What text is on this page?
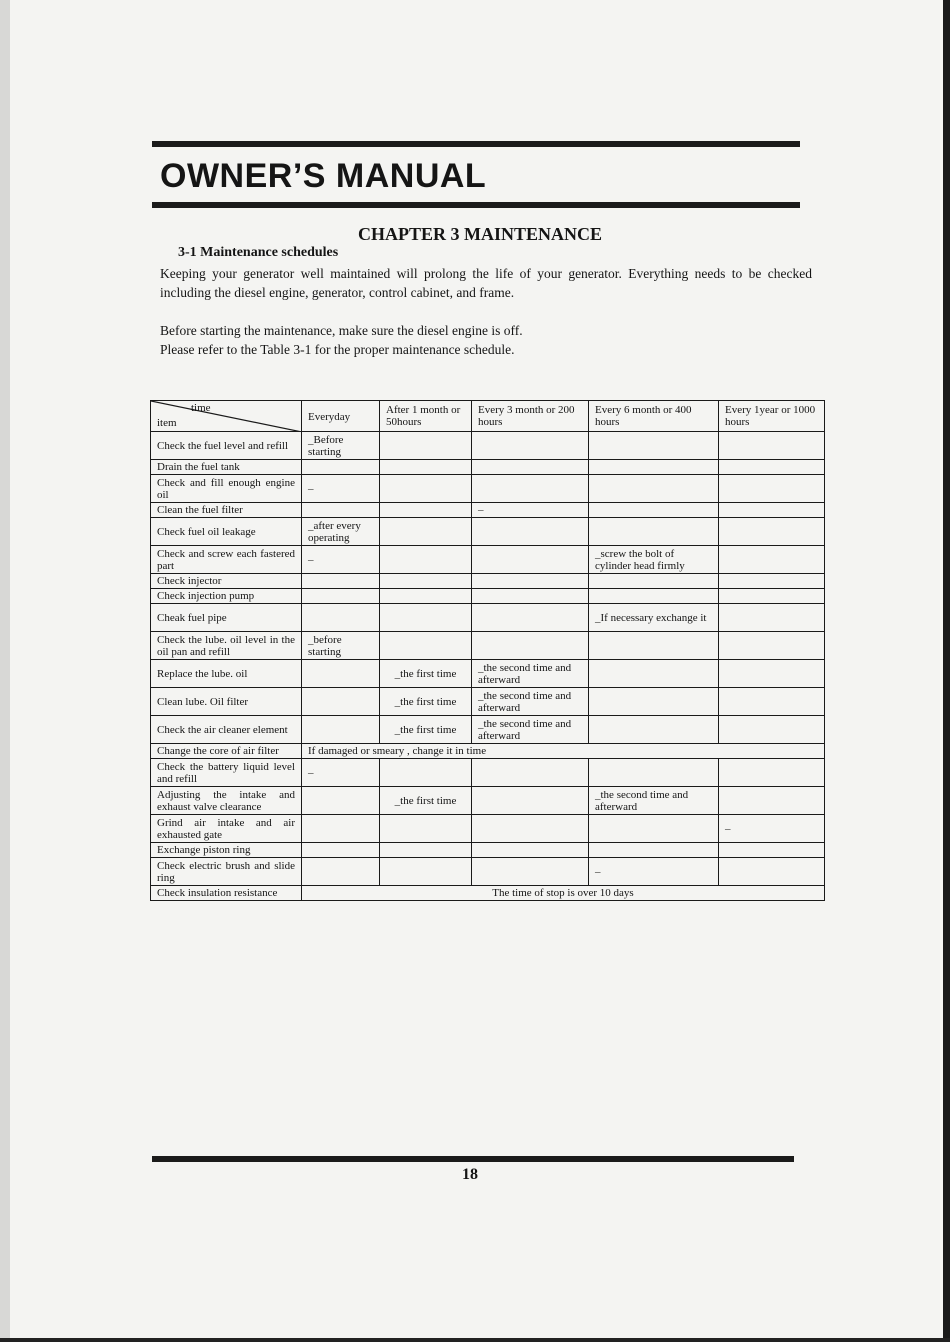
OWNER’S MANUAL
CHAPTER 3 MAINTENANCE
3-1 Maintenance schedules

Keeping your generator well maintained will prolong the life of your generator. Everything needs to be checked including the diesel engine, generator, control cabinet, and frame.

Before starting the maintenance, make sure the diesel engine is off.

Please refer to the Table 3-1 for the proper maintenance schedule.

time
item	Everyday	After 1 month or 50hours	Every 3 month or 200 hours	Every 6 month or 400 hours	Every 1year or 1000 hours
Check the fuel level and refill	_Before starting				
Drain the fuel tank					
Check and fill enough engine oil	–				
Clean the fuel filter			–		
Check fuel oil leakage	_after every operating				
Check and screw each fastered part	–			_screw the bolt of cylinder head firmly	
Check injector					
Check injection pump					
Cheak fuel pipe				_If necessary exchange it	
Check the lube. oil level in the oil pan and refill	_before starting				
Replace the lube. oil		_the first time	_the second time and afterward		
Clean lube. Oil filter		_the first time	_the second time and afterward		
Check the air cleaner element		_the first time	_the second time and afterward		
Change the core of air filter	If damaged or smeary , change it in time				
Check the battery liquid level and refill	–				
Adjusting the intake and exhaust valve clearance		_the first time		_the second time and afterward	
Grind air intake and air exhausted gate					–
Exchange piston ring					
Check electric brush and slide ring				–	
Check insulation resistance	The time of stop is over 10 days				

18
